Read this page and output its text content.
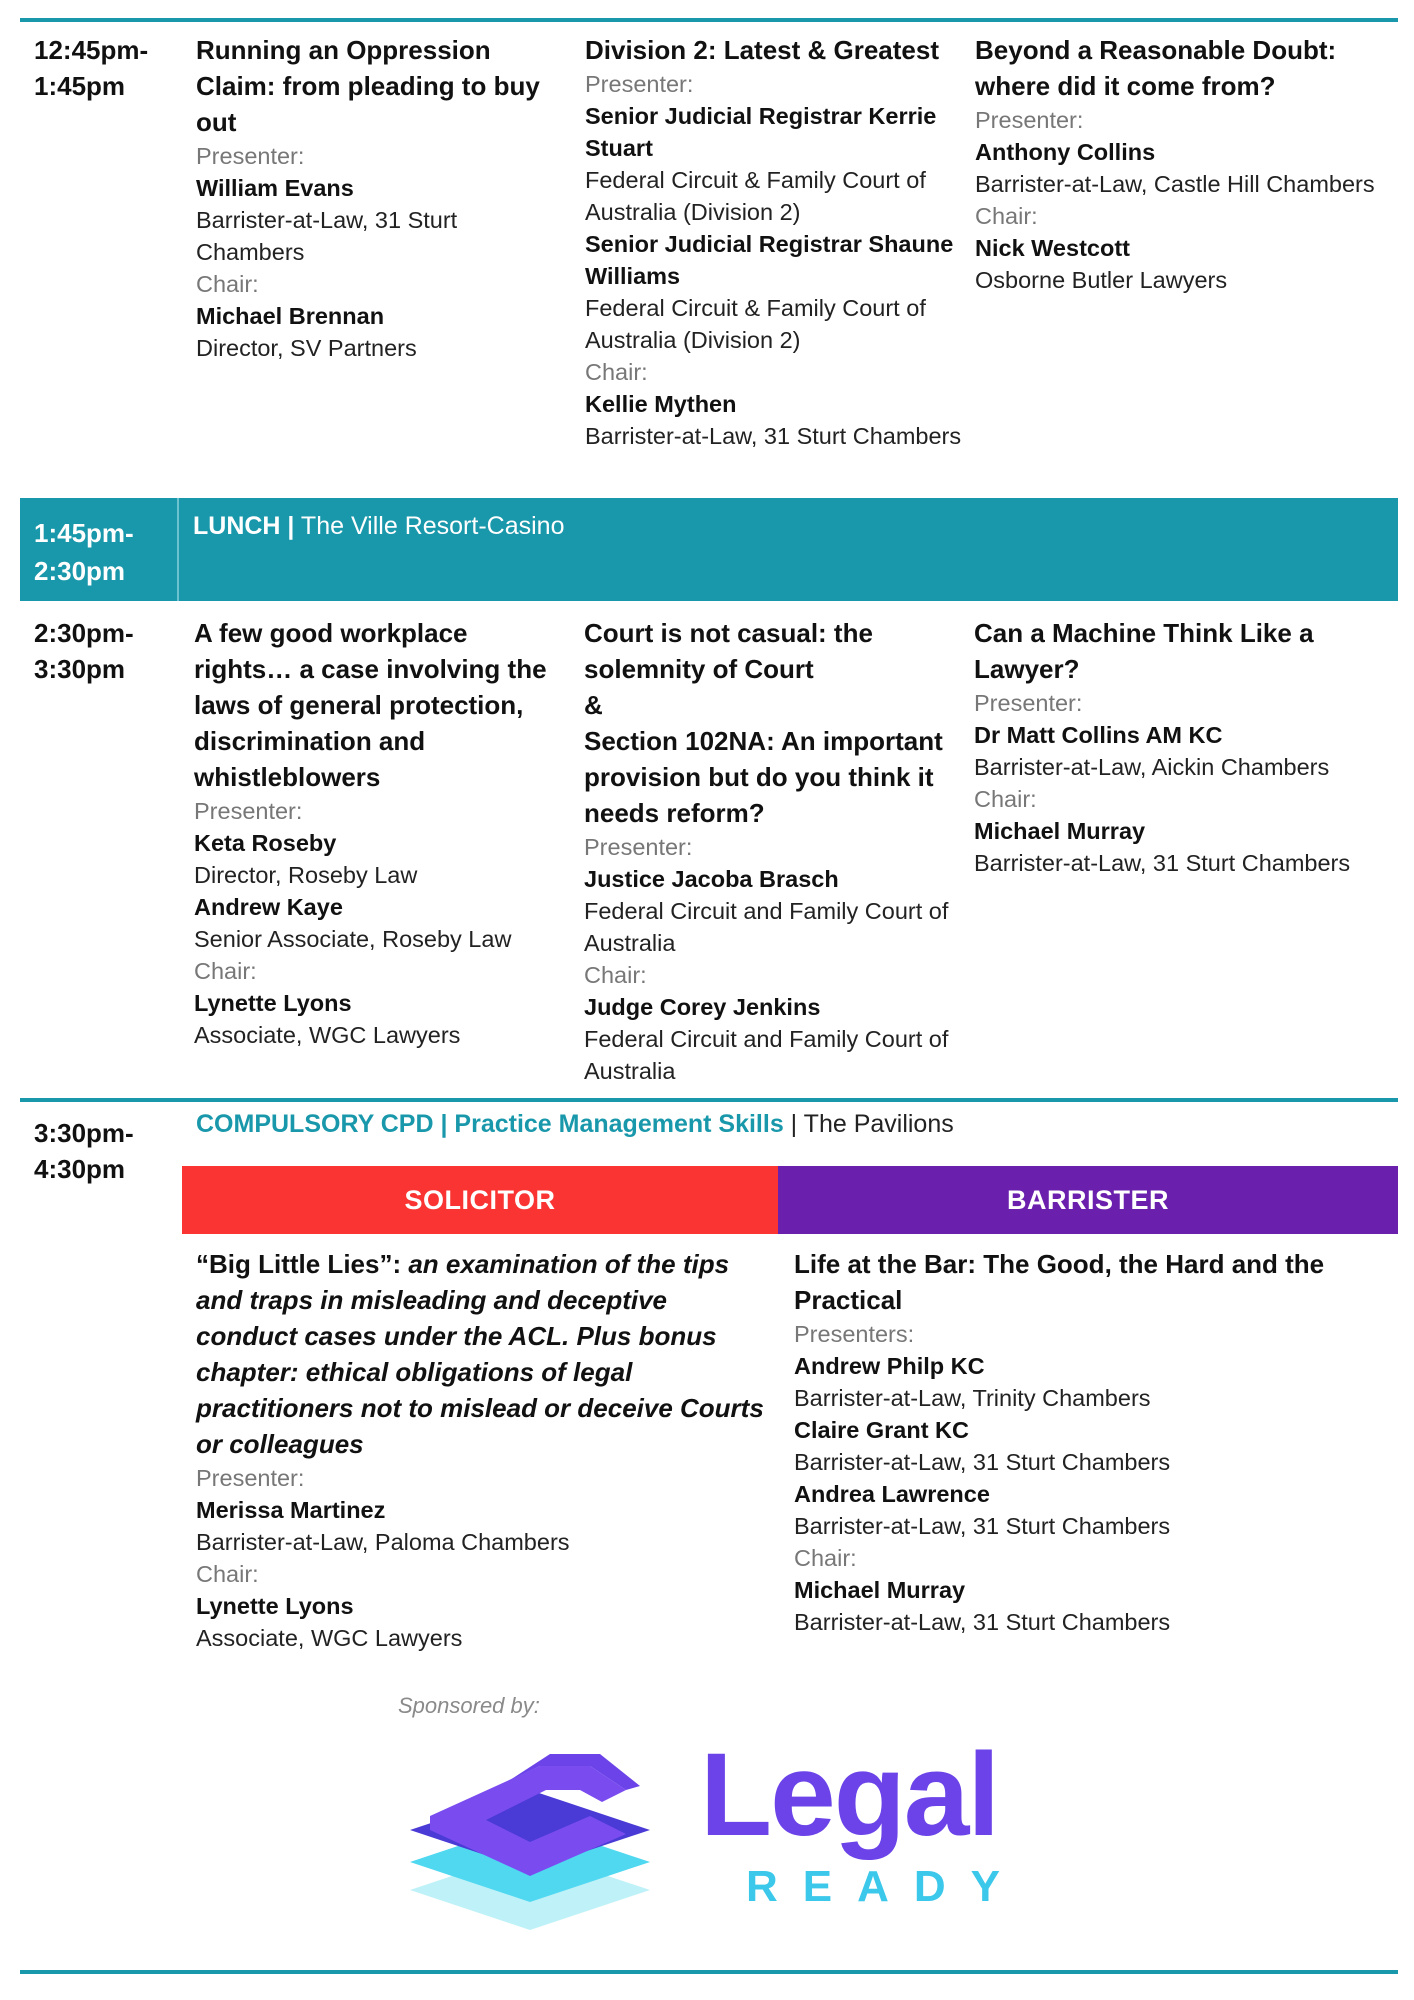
12:45pm-
1:45pm
Running an Oppression Claim: from pleading to buy out
Presenter:
William Evans
Barrister-at-Law, 31 Sturt Chambers
Chair:
Michael Brennan
Director, SV Partners
Division 2: Latest & Greatest
Presenter:
Senior Judicial Registrar Kerrie Stuart
Federal Circuit & Family Court of Australia (Division 2)
Senior Judicial Registrar Shaune Williams
Federal Circuit & Family Court of Australia (Division 2)
Chair:
Kellie Mythen
Barrister-at-Law, 31 Sturt Chambers
Beyond a Reasonable Doubt: where did it come from?
Presenter:
Anthony Collins
Barrister-at-Law, Castle Hill Chambers
Chair:
Nick Westcott
Osborne Butler Lawyers
1:45pm-
2:30pm
LUNCH | The Ville Resort-Casino
2:30pm-
3:30pm
A few good workplace rights… a case involving the laws of general protection, discrimination and whistleblowers
Presenter:
Keta Roseby
Director, Roseby Law
Andrew Kaye
Senior Associate, Roseby Law
Chair:
Lynette Lyons
Associate, WGC Lawyers
Court is not casual: the solemnity of Court
&
Section 102NA: An important provision but do you think it needs reform?
Presenter:
Justice Jacoba Brasch
Federal Circuit and Family Court of Australia
Chair:
Judge Corey Jenkins
Federal Circuit and Family Court of Australia
Can a Machine Think Like a Lawyer?
Presenter:
Dr Matt Collins AM KC
Barrister-at-Law, Aickin Chambers
Chair:
Michael Murray
Barrister-at-Law, 31 Sturt Chambers
3:30pm-
4:30pm
COMPULSORY CPD | Practice Management Skills | The Pavilions
SOLICITOR	BARRISTER
“Big Little Lies”: an examination of the tips and traps in misleading and deceptive conduct cases under the ACL. Plus bonus chapter: ethical obligations of legal practitioners not to mislead or deceive Courts or colleagues
Presenter:
Merissa Martinez
Barrister-at-Law, Paloma Chambers
Chair:
Lynette Lyons
Associate, WGC Lawyers
Life at the Bar: The Good, the Hard and the Practical
Presenters:
Andrew Philp KC
Barrister-at-Law, Trinity Chambers
Claire Grant KC
Barrister-at-Law, 31 Sturt Chambers
Andrea Lawrence
Barrister-at-Law, 31 Sturt Chambers
Chair:
Michael Murray
Barrister-at-Law, 31 Sturt Chambers
Sponsored by:
Legal
READY
